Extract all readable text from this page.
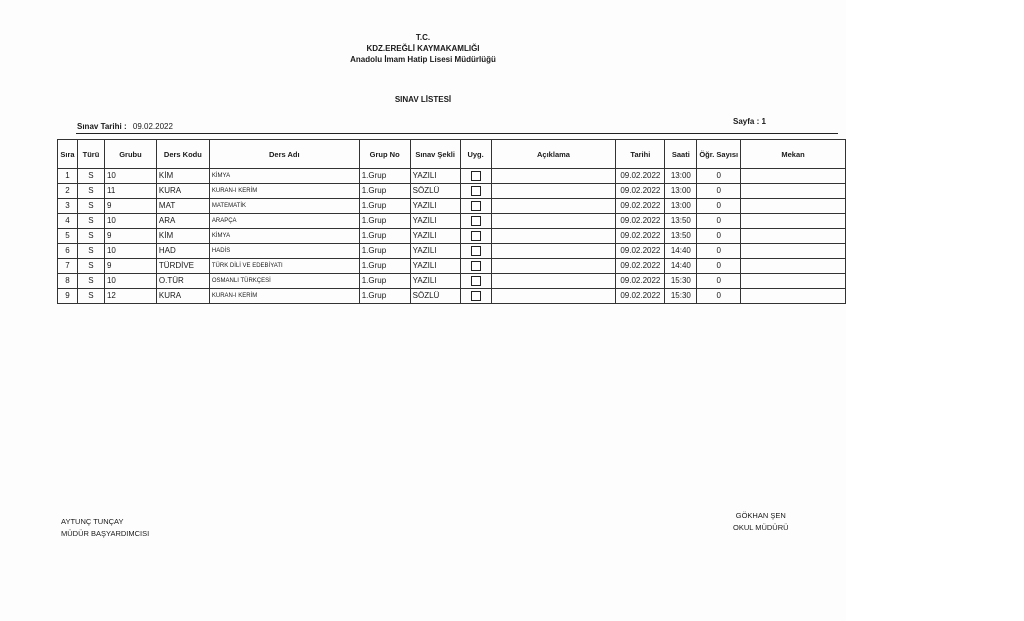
T.C.
KDZ.EREĞLİ KAYMAKAMLIĞI
Anadolu İmam Hatip Lisesi Müdürlüğü
SINAV LİSTESİ
Sınav Tarihi : 09.02.2022
Sayfa : 1
Sıra	Türü	Grubu	Ders Kodu	Ders Adı	Grup No	Sınav Şekli	Uyg.	Açıklama	Tarihi	Saati	Öğr. Sayısı	Mekan
1	S	10	KİM	KİMYA	1.Grup	YAZILI			09.02.2022	13:00	0	
2	S	11	KURA	KURAN-I KERİM	1.Grup	SÖZLÜ			09.02.2022	13:00	0	
3	S	9	MAT	MATEMATİK	1.Grup	YAZILI			09.02.2022	13:00	0	
4	S	10	ARA	ARAPÇA	1.Grup	YAZILI			09.02.2022	13:50	0	
5	S	9	KİM	KİMYA	1.Grup	YAZILI			09.02.2022	13:50	0	
6	S	10	HAD	HADİS	1.Grup	YAZILI			09.02.2022	14:40	0	
7	S	9	TÜRDİVE	TÜRK DİLİ VE EDEBİYATI	1.Grup	YAZILI			09.02.2022	14:40	0	
8	S	10	O.TÜR	OSMANLI TÜRKÇESİ	1.Grup	YAZILI			09.02.2022	15:30	0	
9	S	12	KURA	KURAN-I KERİM	1.Grup	SÖZLÜ			09.02.2022	15:30	0	
AYTUNÇ TUNÇAY
MÜDÜR BAŞYARDIMCISI
GÖKHAN ŞEN
OKUL MÜDÜRÜ
